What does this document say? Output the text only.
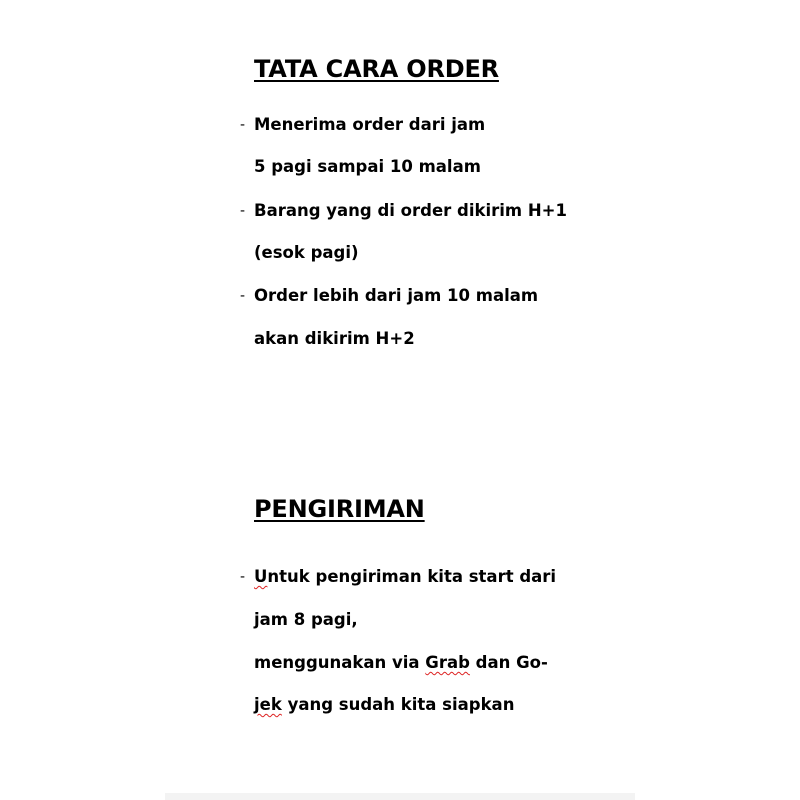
TATA CARA ORDER
- Menerima order dari jam
5 pagi sampai 10 malam
- Barang yang di order dikirim H+1
(esok pagi)
- Order lebih dari jam 10 malam
akan dikirim H+2
PENGIRIMAN
- Untuk pengiriman kita start dari
jam 8 pagi,
menggunakan via Grab dan Go-
jek yang sudah kita siapkan
